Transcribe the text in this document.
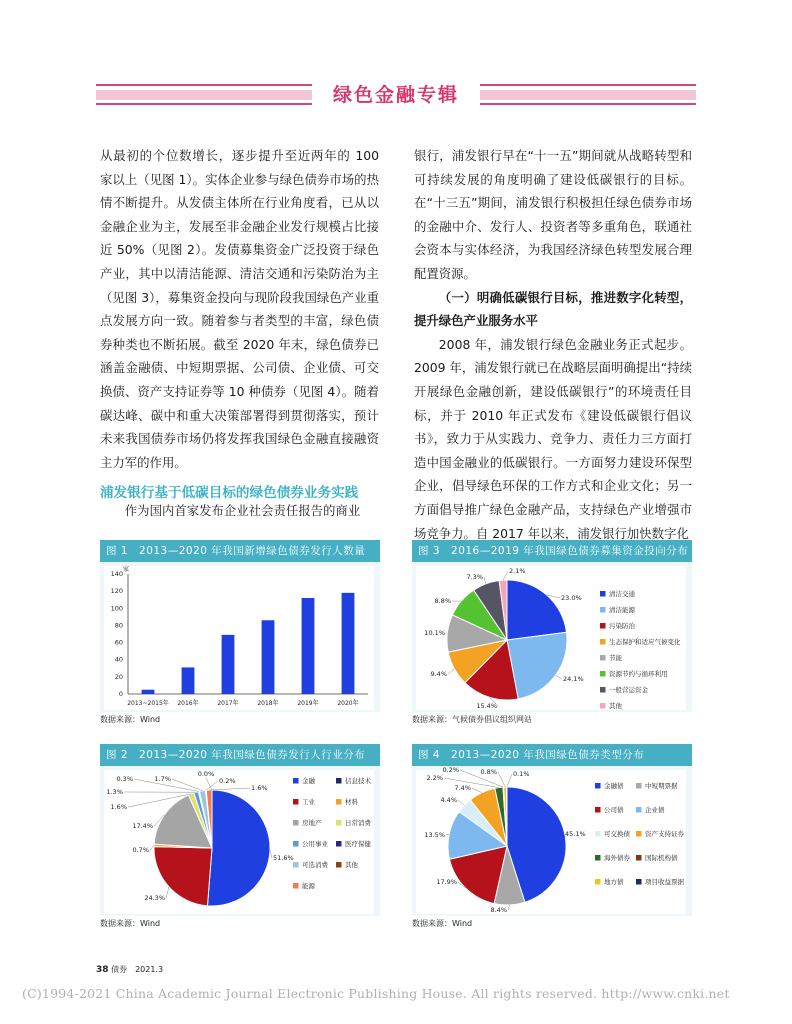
绿色金融专辑

从最初的个位数增长，逐步提升至近两年的 100 家以上（见图 1）。实体企业参与绿色债券市场的热情不断提升。从发债主体所在行业角度看，已从以金融企业为主，发展至非金融企业发行规模占比接近 50%（见图 2）。发债募集资金广泛投资于绿色产业，其中以清洁能源、清洁交通和污染防治为主（见图 3），募集资金投向与现阶段我国绿色产业重点发展方向一致。随着参与者类型的丰富，绿色债券种类也不断拓展。截至 2020 年末，绿色债券已涵盖金融债、中短期票据、公司债、企业债、可交换债、资产支持证券等 10 种债券（见图 4）。随着碳达峰、碳中和重大决策部署得到贯彻落实，预计未来我国债券市场仍将发挥我国绿色金融直接融资主力军的作用。

浦发银行基于低碳目标的绿色债券业务实践

作为国内首家发布企业社会责任报告的商业

银行，浦发银行早在“十一五”期间就从战略转型和可持续发展的角度明确了建设低碳银行的目标。在“十三五”期间，浦发银行积极担任绿色债券市场的金融中介、发行人、投资者等多重角色，联通社会资本与实体经济，为我国经济绿色转型发展合理配置资源。

（一）明确低碳银行目标，推进数字化转型，提升绿色产业服务水平

2008 年，浦发银行绿色金融业务正式起步。2009 年，浦发银行就已在战略层面明确提出“持续开展绿色金融创新，建设低碳银行”的环境责任目标，并于 2010 年正式发布《建设低碳银行倡议书》，致力于从实践力、竞争力、责任力三方面打造中国金融业的低碳银行。一方面努力建设环保型企业，倡导绿色环保的工作方式和企业文化；另一方面倡导推广绿色金融产品，支持绿色产业增强市场竞争力。自 2017 年以来，浦发银行加快数字化

图 1　2013—2020 年我国新增绿色债券发行人数量
家
0
20
40
60
80
100
120
140
2013~2015年 2016年	2017年	2018年	2019年	2020年
数据来源：Wind
图 3　2016—2019 年我国绿色债券募集资金投向分布
23.0%
24.1%
15.4%
9.4%
10.1%
8.8%
7.3%
2.1%
清洁交通
清洁能源
污染防治
生态保护和适应气候变化
节能
资源节约与循环利用
一般营运资金
其他
数据来源：气候债券倡议组织网站
图 2　2013—2020 年我国绿色债券发行人行业分布
51.6%
24.3%
0.7%
17.4%
1.6%
1.3%
0.3%	1.7%	0.2%
1.6%
金融	信息技术
工业	材料
房地产	日常消费
公用事业	医疗保健
可选消费	其他
能源
0.0%
数据来源：Wind
图 4　2013—2020 年我国绿色债券类型分布
45.1%
8.4%
17.9%
13.5%
4.4%
7.4%
2.2%
0.2%	0.8% 0.1%
金融债	中短期票据
公司债	企业债
可交换债 资产支持证券
海外债券 国际机构债
地方债	项目收益票据
数据来源：Wind
38 债券　2021.3
(C)1994-2021 China Academic Journal Electronic Publishing House. All rights reserved. http://www.cnki.net
